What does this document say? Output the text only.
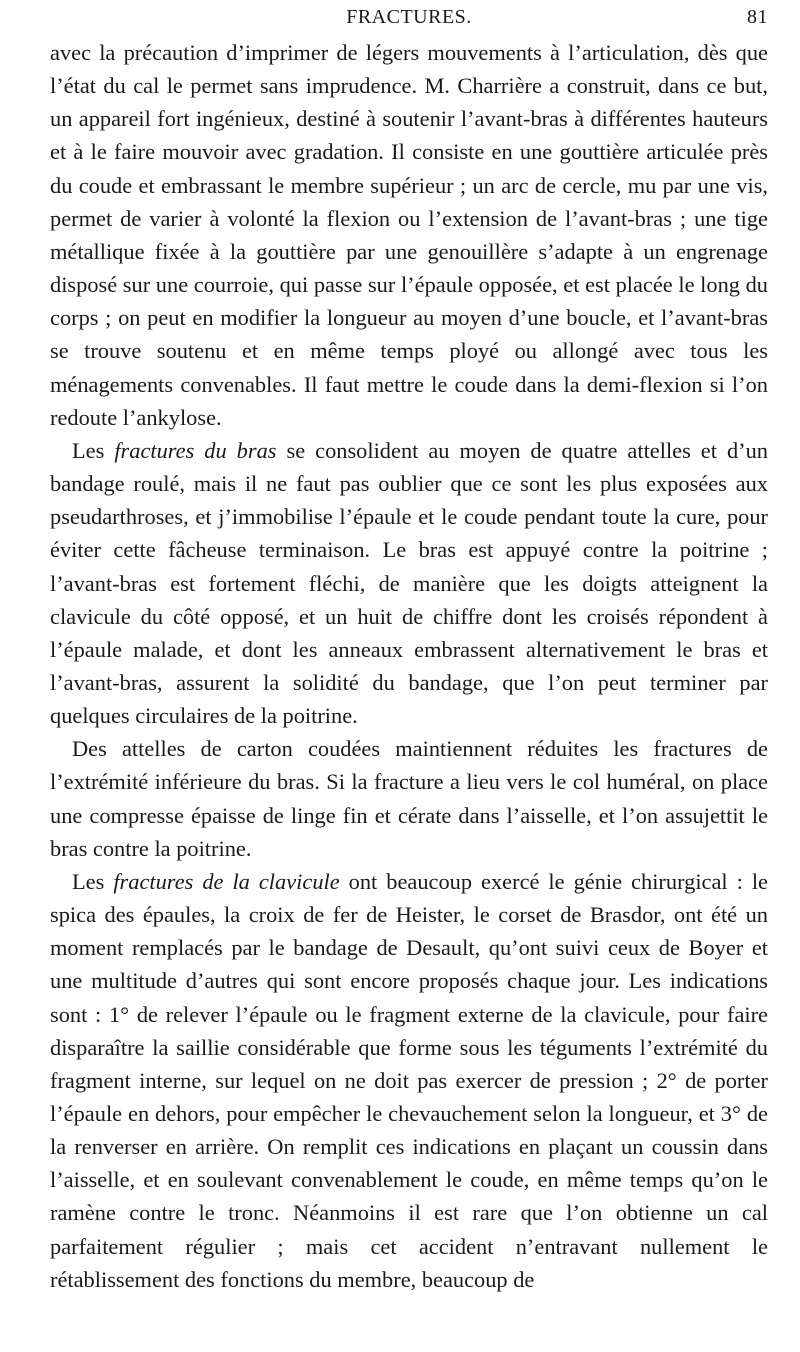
FRACTURES.	81

avec la précaution d’imprimer de légers mouvements à l’articulation, dès que l’état du cal le permet sans imprudence. M. Charrière a construit, dans ce but, un appareil fort ingénieux, destiné à soutenir l’avant-bras à différentes hauteurs et à le faire mouvoir avec gradation. Il consiste en une gouttière articulée près du coude et embrassant le membre supérieur ; un arc de cercle, mu par une vis, permet de varier à volonté la flexion ou l’extension de l’avant-bras ; une tige métallique fixée à la gouttière par une genouillère s’adapte à un engrenage disposé sur une courroie, qui passe sur l’épaule opposée, et est placée le long du corps ; on peut en modifier la longueur au moyen d’une boucle, et l’avant-bras se trouve soutenu et en même temps ployé ou allongé avec tous les ménagements convenables. Il faut mettre le coude dans la demi-flexion si l’on redoute l’ankylose.

Les fractures du bras se consolident au moyen de quatre attelles et d’un bandage roulé, mais il ne faut pas oublier que ce sont les plus exposées aux pseudarthroses, et j’immobilise l’épaule et le coude pendant toute la cure, pour éviter cette fâcheuse terminaison. Le bras est appuyé contre la poitrine ; l’avant-bras est fortement fléchi, de manière que les doigts atteignent la clavicule du côté opposé, et un huit de chiffre dont les croisés répondent à l’épaule malade, et dont les anneaux embrassent alternativement le bras et l’avant-bras, assurent la solidité du bandage, que l’on peut terminer par quelques circulaires de la poitrine.

Des attelles de carton coudées maintiennent réduites les fractures de l’extrémité inférieure du bras. Si la fracture a lieu vers le col huméral, on place une compresse épaisse de linge fin et cérate dans l’aisselle, et l’on assujettit le bras contre la poitrine.

Les fractures de la clavicule ont beaucoup exercé le génie chirurgical : le spica des épaules, la croix de fer de Heister, le corset de Brasdor, ont été un moment remplacés par le bandage de Desault, qu’ont suivi ceux de Boyer et une multitude d’autres qui sont encore proposés chaque jour. Les indications sont : 1° de relever l’épaule ou le fragment externe de la clavicule, pour faire disparaître la saillie considérable que forme sous les téguments l’extrémité du fragment interne, sur lequel on ne doit pas exercer de pression ; 2° de porter l’épaule en dehors, pour empêcher le chevauchement selon la longueur, et 3° de la renverser en arrière. On remplit ces indications en plaçant un coussin dans l’aisselle, et en soulevant convenablement le coude, en même temps qu’on le ramène contre le tronc. Néanmoins il est rare que l’on obtienne un cal parfaitement régulier ; mais cet accident n’entravant nullement le rétablissement des fonctions du membre, beaucoup de
